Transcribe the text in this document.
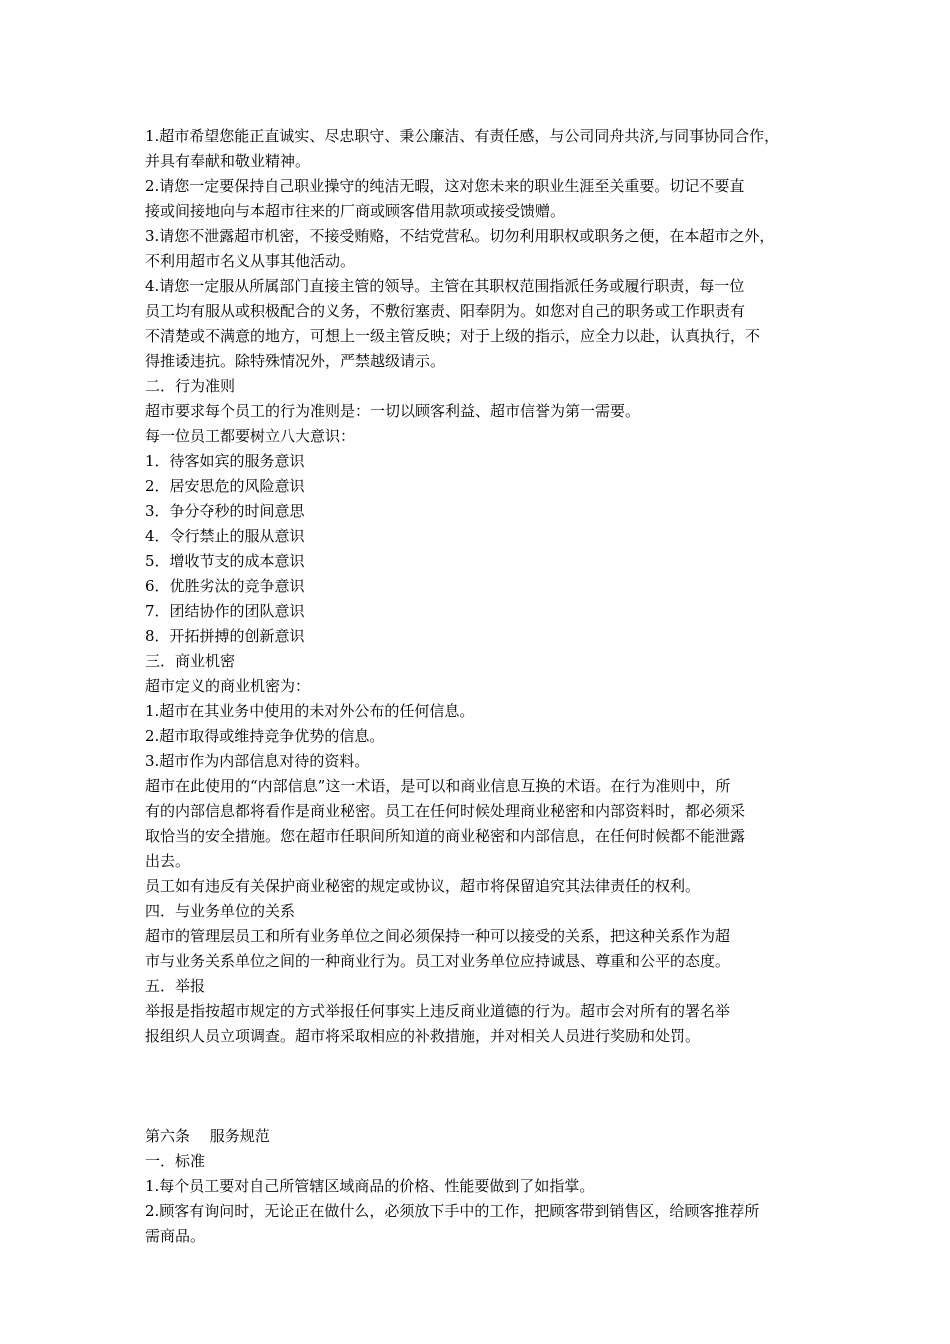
1.超市希望您能正直诚实、尽忠职守、秉公廉洁、有责任感，与公司同舟共济,与同事协同合作，
并具有奉献和敬业精神。
2.请您一定要保持自己职业操守的纯洁无暇，这对您未来的职业生涯至关重要。切记不要直
接或间接地向与本超市往来的厂商或顾客借用款项或接受馈赠。
3.请您不泄露超市机密，不接受贿赂，不结党营私。切勿利用职权或职务之便，在本超市之外，
不利用超市名义从事其他活动。
4.请您一定服从所属部门直接主管的领导。主管在其职权范围指派任务或履行职责，每一位
员工均有服从或积极配合的义务，不敷衍塞责、阳奉阴为。如您对自己的职务或工作职责有
不清楚或不满意的地方，可想上一级主管反映；对于上级的指示，应全力以赴，认真执行，不
得推诿违抗。除特殊情况外，严禁越级请示。
二．行为准则
超市要求每个员工的行为准则是：一切以顾客利益、超市信誉为第一需要。
每一位员工都要树立八大意识：
1．待客如宾的服务意识
2．居安思危的风险意识
3．争分夺秒的时间意思
4．令行禁止的服从意识
5．增收节支的成本意识
6．优胜劣汰的竞争意识
7．团结协作的团队意识
8．开拓拼搏的创新意识
三．商业机密
超市定义的商业机密为：
1.超市在其业务中使用的未对外公布的任何信息。
2.超市取得或维持竞争优势的信息。
3.超市作为内部信息对待的资料。
超市在此使用的“内部信息”这一术语，是可以和商业信息互换的术语。在行为准则中，所
有的内部信息都将看作是商业秘密。员工在任何时候处理商业秘密和内部资料时，都必须采
取恰当的安全措施。您在超市任职间所知道的商业秘密和内部信息，在任何时候都不能泄露
出去。
员工如有违反有关保护商业秘密的规定或协议，超市将保留追究其法律责任的权利。
四．与业务单位的关系
超市的管理层员工和所有业务单位之间必须保持一种可以接受的关系，把这种关系作为超
市与业务关系单位之间的一种商业行为。员工对业务单位应持诚恳、尊重和公平的态度。
五．举报
举报是指按超市规定的方式举报任何事实上违反商业道德的行为。超市会对所有的署名举
报组织人员立项调查。超市将采取相应的补救措施，并对相关人员进行奖励和处罚。
第六条　 服务规范
一．标准
1.每个员工要对自己所管辖区域商品的价格、性能要做到了如指掌。
2.顾客有询问时，无论正在做什么，必须放下手中的工作，把顾客带到销售区，给顾客推荐所
需商品。
